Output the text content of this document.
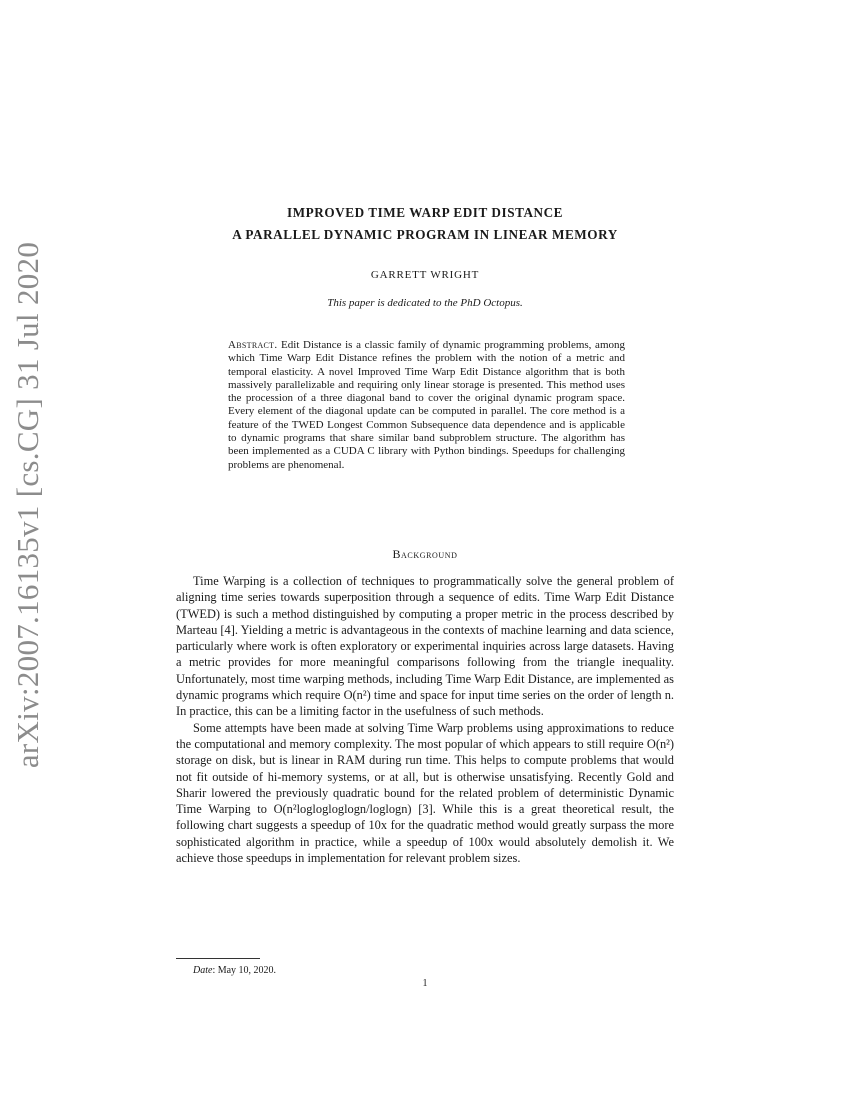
arXiv:2007.16135v1 [cs.CG] 31 Jul 2020
IMPROVED TIME WARP EDIT DISTANCE
A PARALLEL DYNAMIC PROGRAM IN LINEAR MEMORY
GARRETT WRIGHT
This paper is dedicated to the PhD Octopus.
Abstract. Edit Distance is a classic family of dynamic programming problems, among which Time Warp Edit Distance refines the problem with the notion of a metric and temporal elasticity. A novel Improved Time Warp Edit Distance algorithm that is both massively parallelizable and requiring only linear storage is presented. This method uses the procession of a three diagonal band to cover the original dynamic program space. Every element of the diagonal update can be computed in parallel. The core method is a feature of the TWED Longest Common Subsequence data dependence and is applicable to dynamic programs that share similar band subproblem structure. The algorithm has been implemented as a CUDA C library with Python bindings. Speedups for challenging problems are phenomenal.
Background

Time Warping is a collection of techniques to programmatically solve the general problem of aligning time series towards superposition through a sequence of edits. Time Warp Edit Distance (TWED) is such a method distinguished by computing a proper metric in the process described by Marteau [4]. Yielding a metric is advantageous in the contexts of machine learning and data science, particularly where work is often exploratory or experimental inquiries across large datasets. Having a metric provides for more meaningful comparisons following from the triangle inequality. Unfortunately, most time warping methods, including Time Warp Edit Distance, are implemented as dynamic programs which require O(n²) time and space for input time series on the order of length n. In practice, this can be a limiting factor in the usefulness of such methods.

Some attempts have been made at solving Time Warp problems using approximations to reduce the computational and memory complexity. The most popular of which appears to still require O(n²) storage on disk, but is linear in RAM during run time. This helps to compute problems that would not fit outside of hi-memory systems, or at all, but is otherwise unsatisfying. Recently Gold and Sharir lowered the previously quadratic bound for the related problem of deterministic Dynamic Time Warping to O(n²loglogloglogn/loglogn) [3]. While this is a great theoretical result, the following chart suggests a speedup of 10x for the quadratic method would greatly surpass the more sophisticated algorithm in practice, while a speedup of 100x would absolutely demolish it. We achieve those speedups in implementation for relevant problem sizes.

Date: May 10, 2020.
1
